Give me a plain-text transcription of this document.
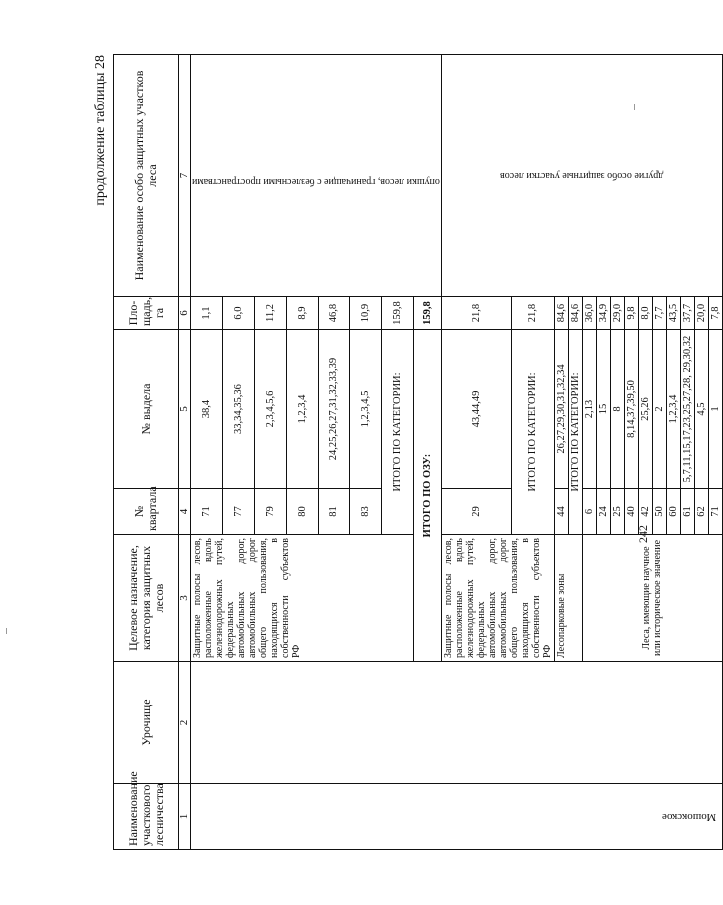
продолжение таблицы 28
Наименование участкового лесничества	Урочище	Целевое назначение, категория защитных лесов	№ квартала	№ выдела	Пло-щадь, га	Наименование особо защитных участков леса
1	2	3	4	5	6	7

Мошокское		Защитные полосы лесов, расположенные вдоль железнодорожных путей, федеральных автомобильных дорог, автомобильных дорог общего пользования, находящихся в собственности субъектов РФ	71	38,4	1,1	опушки лесов, граничащие с безлесными пространствами

			77	33,34,35,36	6,0	
			79	2,3,4,5,6	11,2	
			80	1,2,3,4	8,9	
			81	24,25,26,27,31,32,33,39	46,8	
			83	1,2,3,4,5	10,9	
			ИТОГО ПО КАТЕГОРИИ:		159,8	
		ИТОГО ПО ОЗУ:			159,8	
		Защитные полосы лесов, расположенные вдоль железнодорожных путей, федеральных автомобильных дорог, автомобильных дорог общего пользования, находящихся в собственности субъектов РФ	29	43,44,49	21,8	другие особо защитные участки лесов

			ИТОГО ПО КАТЕГОРИИ:		21,8	
		Лесопарковые зоны	44	26,27,29,30,31,32,34	84,6	
			ИТОГО ПО КАТЕГОРИИ:		84,6	
		Леса, имеющие научное или историческое значение	6	2,13	36,0	
			24	15	34,9	
			25	8	29,0	
			40	8,14,37,39,50	9,8	
			42	25,26	8,0	
			50	2	7,7	
			60	1,2,3,4	43,5	
			61	5,7,11,15,17,23,25,27,28, 29,30,32	37,7	
			62	4,5	20,0	
			71	1	7,8	
242
